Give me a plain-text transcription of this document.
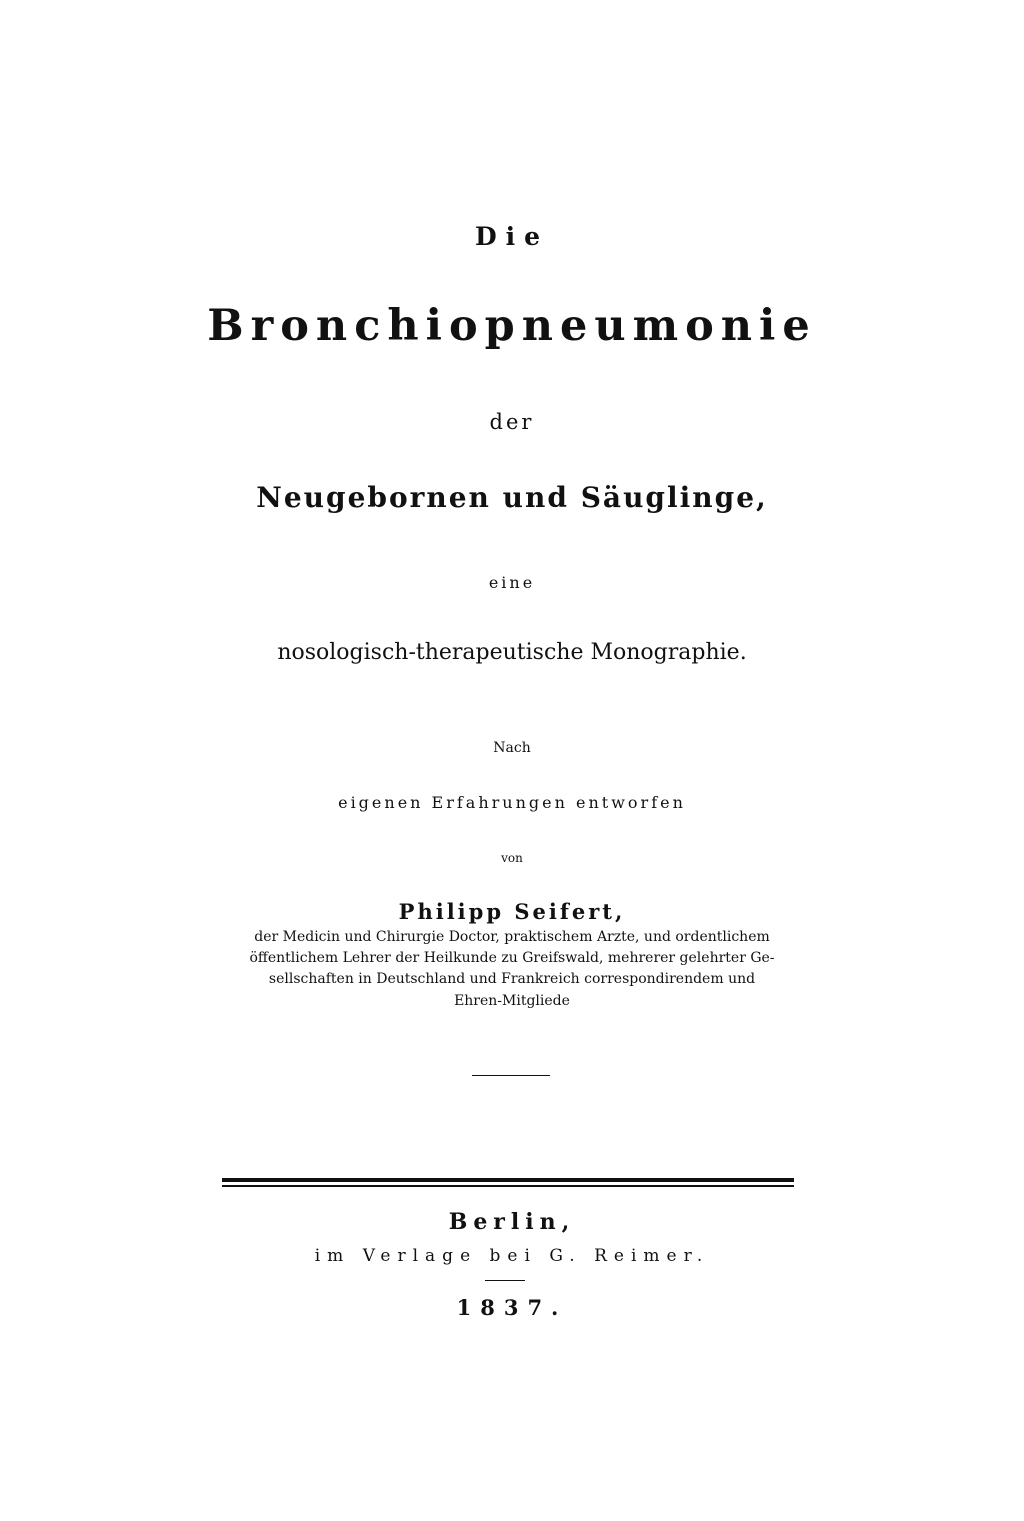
Die
Bronchiopneumonie
der
Neugebornen und Säuglinge,
eine
nosologisch-therapeutische Monographie.
Nach
eigenen Erfahrungen entworfen
von
Philipp Seifert,
der Medicin und Chirurgie Doctor, praktischem Arzte, und ordentlichem
öffentlichem Lehrer der Heilkunde zu Greifswald, mehrerer gelehrter Ge-
sellschaften in Deutschland und Frankreich correspondirendem und
Ehren-Mitgliede
Berlin,
im Verlage bei G. Reimer.
1837.
